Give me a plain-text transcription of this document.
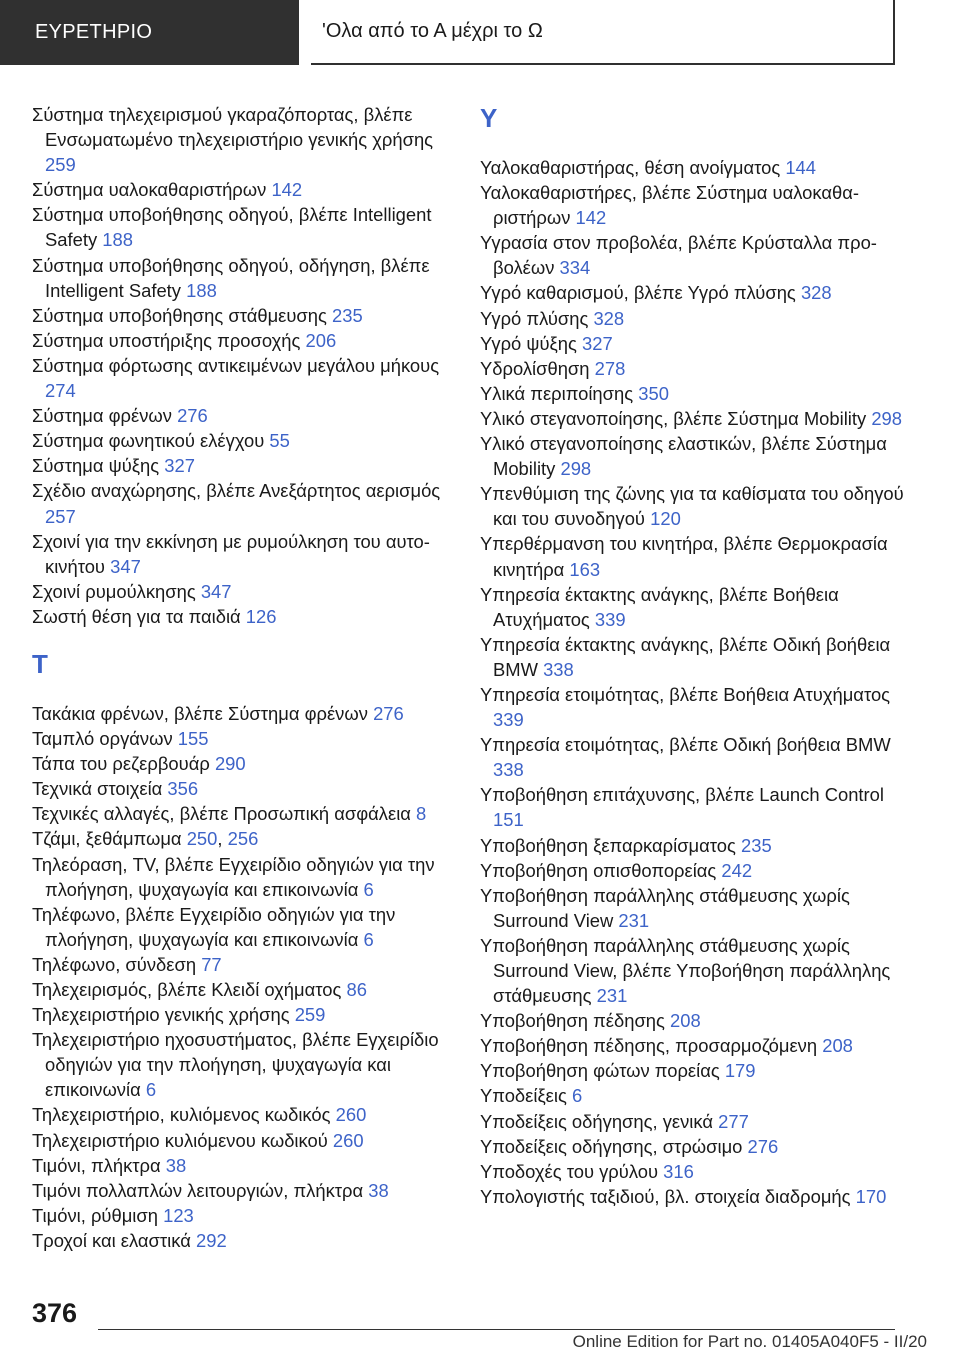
ΕΥΡΕΤΗΡΙΟ	'Ολα από το Α μέχρι το Ω
Σύστημα τηλεχειρισμού γκαραζόπορτας, βλέπε Ενσωματωμένο τηλεχειριστήριο γενικής χρήσης 259
Σύστημα υαλοκαθαριστήρων 142
Σύστημα υποβοήθησης οδηγού, βλέπε Intelligent Safety 188
Σύστημα υποβοήθησης οδηγού, οδήγηση, βλέπε Intelligent Safety 188
Σύστημα υποβοήθησης στάθμευσης 235
Σύστημα υποστήριξης προσοχής 206
Σύστημα φόρτωσης αντικειμένων μεγάλου μήκους 274
Σύστημα φρένων 276
Σύστημα φωνητικού ελέγχου 55
Σύστημα ψύξης 327
Σχέδιο αναχώρησης, βλέπε Ανεξάρτητος αερισμός 257
Σχοινί για την εκκίνηση με ρυμούλκηση του αυτοκινήτου 347
Σχοινί ρυμούλκησης 347
Σωστή θέση για τα παιδιά 126
Τ
Τακάκια φρένων, βλέπε Σύστημα φρένων 276
Ταμπλό οργάνων 155
Τάπα του ρεζερβουάρ 290
Τεχνικά στοιχεία 356
Τεχνικές αλλαγές, βλέπε Προσωπική ασφάλεια 8
Τζάμι, ξεθάμπωμα 250, 256
Τηλεόραση, TV, βλέπε Εγχειρίδιο οδηγιών για την πλοήγηση, ψυχαγωγία και επικοινωνία 6
Τηλέφωνο, βλέπε Εγχειρίδιο οδηγιών για την πλοήγηση, ψυχαγωγία και επικοινωνία 6
Τηλέφωνο, σύνδεση 77
Τηλεχειρισμός, βλέπε Κλειδί οχήματος 86
Τηλεχειριστήριο γενικής χρήσης 259
Τηλεχειριστήριο ηχοσυστήματος, βλέπε Εγχειρίδιο οδηγιών για την πλοήγηση, ψυχαγωγία και επικοινωνία 6
Τηλεχειριστήριο, κυλιόμενος κωδικός 260
Τηλεχειριστήριο κυλιόμενου κωδικού 260
Τιμόνι, πλήκτρα 38
Τιμόνι πολλαπλών λειτουργιών, πλήκτρα 38
Τιμόνι, ρύθμιση 123
Τροχοί και ελαστικά 292
Υ
Υαλοκαθαριστήρας, θέση ανοίγματος 144
Υαλοκαθαριστήρες, βλέπε Σύστημα υαλοκαθαριστήρων 142
Υγρασία στον προβολέα, βλέπε Κρύσταλλα προβολέων 334
Υγρό καθαρισμού, βλέπε Υγρό πλύσης 328
Υγρό πλύσης 328
Υγρό ψύξης 327
Υδρολίσθηση 278
Υλικά περιποίησης 350
Υλικό στεγανοποίησης, βλέπε Σύστημα Mobility 298
Υλικό στεγανοποίησης ελαστικών, βλέπε Σύστημα Mobility 298
Υπενθύμιση της ζώνης για τα καθίσματα του οδηγού και του συνοδηγού 120
Υπερθέρμανση του κινητήρα, βλέπε Θερμοκρασία κινητήρα 163
Υπηρεσία έκτακτης ανάγκης, βλέπε Βοήθεια Ατυχήματος 339
Υπηρεσία έκτακτης ανάγκης, βλέπε Οδική βοήθεια BMW 338
Υπηρεσία ετοιμότητας, βλέπε Βοήθεια Ατυχήματος 339
Υπηρεσία ετοιμότητας, βλέπε Οδική βοήθεια BMW 338
Υποβοήθηση επιτάχυνσης, βλέπε Launch Control 151
Υποβοήθηση ξεπαρκαρίσματος 235
Υποβοήθηση οπισθοπορείας 242
Υποβοήθηση παράλληλης στάθμευσης χωρίς Surround View 231
Υποβοήθηση παράλληλης στάθμευσης χωρίς Surround View, βλέπε Υποβοήθηση παράλληλης στάθμευσης 231
Υποβοήθηση πέδησης 208
Υποβοήθηση πέδησης, προσαρμοζόμενη 208
Υποβοήθηση φώτων πορείας 179
Υποδείξεις 6
Υποδείξεις οδήγησης, γενικά 277
Υποδείξεις οδήγησης, στρώσιμο 276
Υποδοχές του γρύλου 316
Υπολογιστής ταξιδιού, βλ. στοιχεία διαδρομής 170
376
Online Edition for Part no. 01405A040F5 - II/20
